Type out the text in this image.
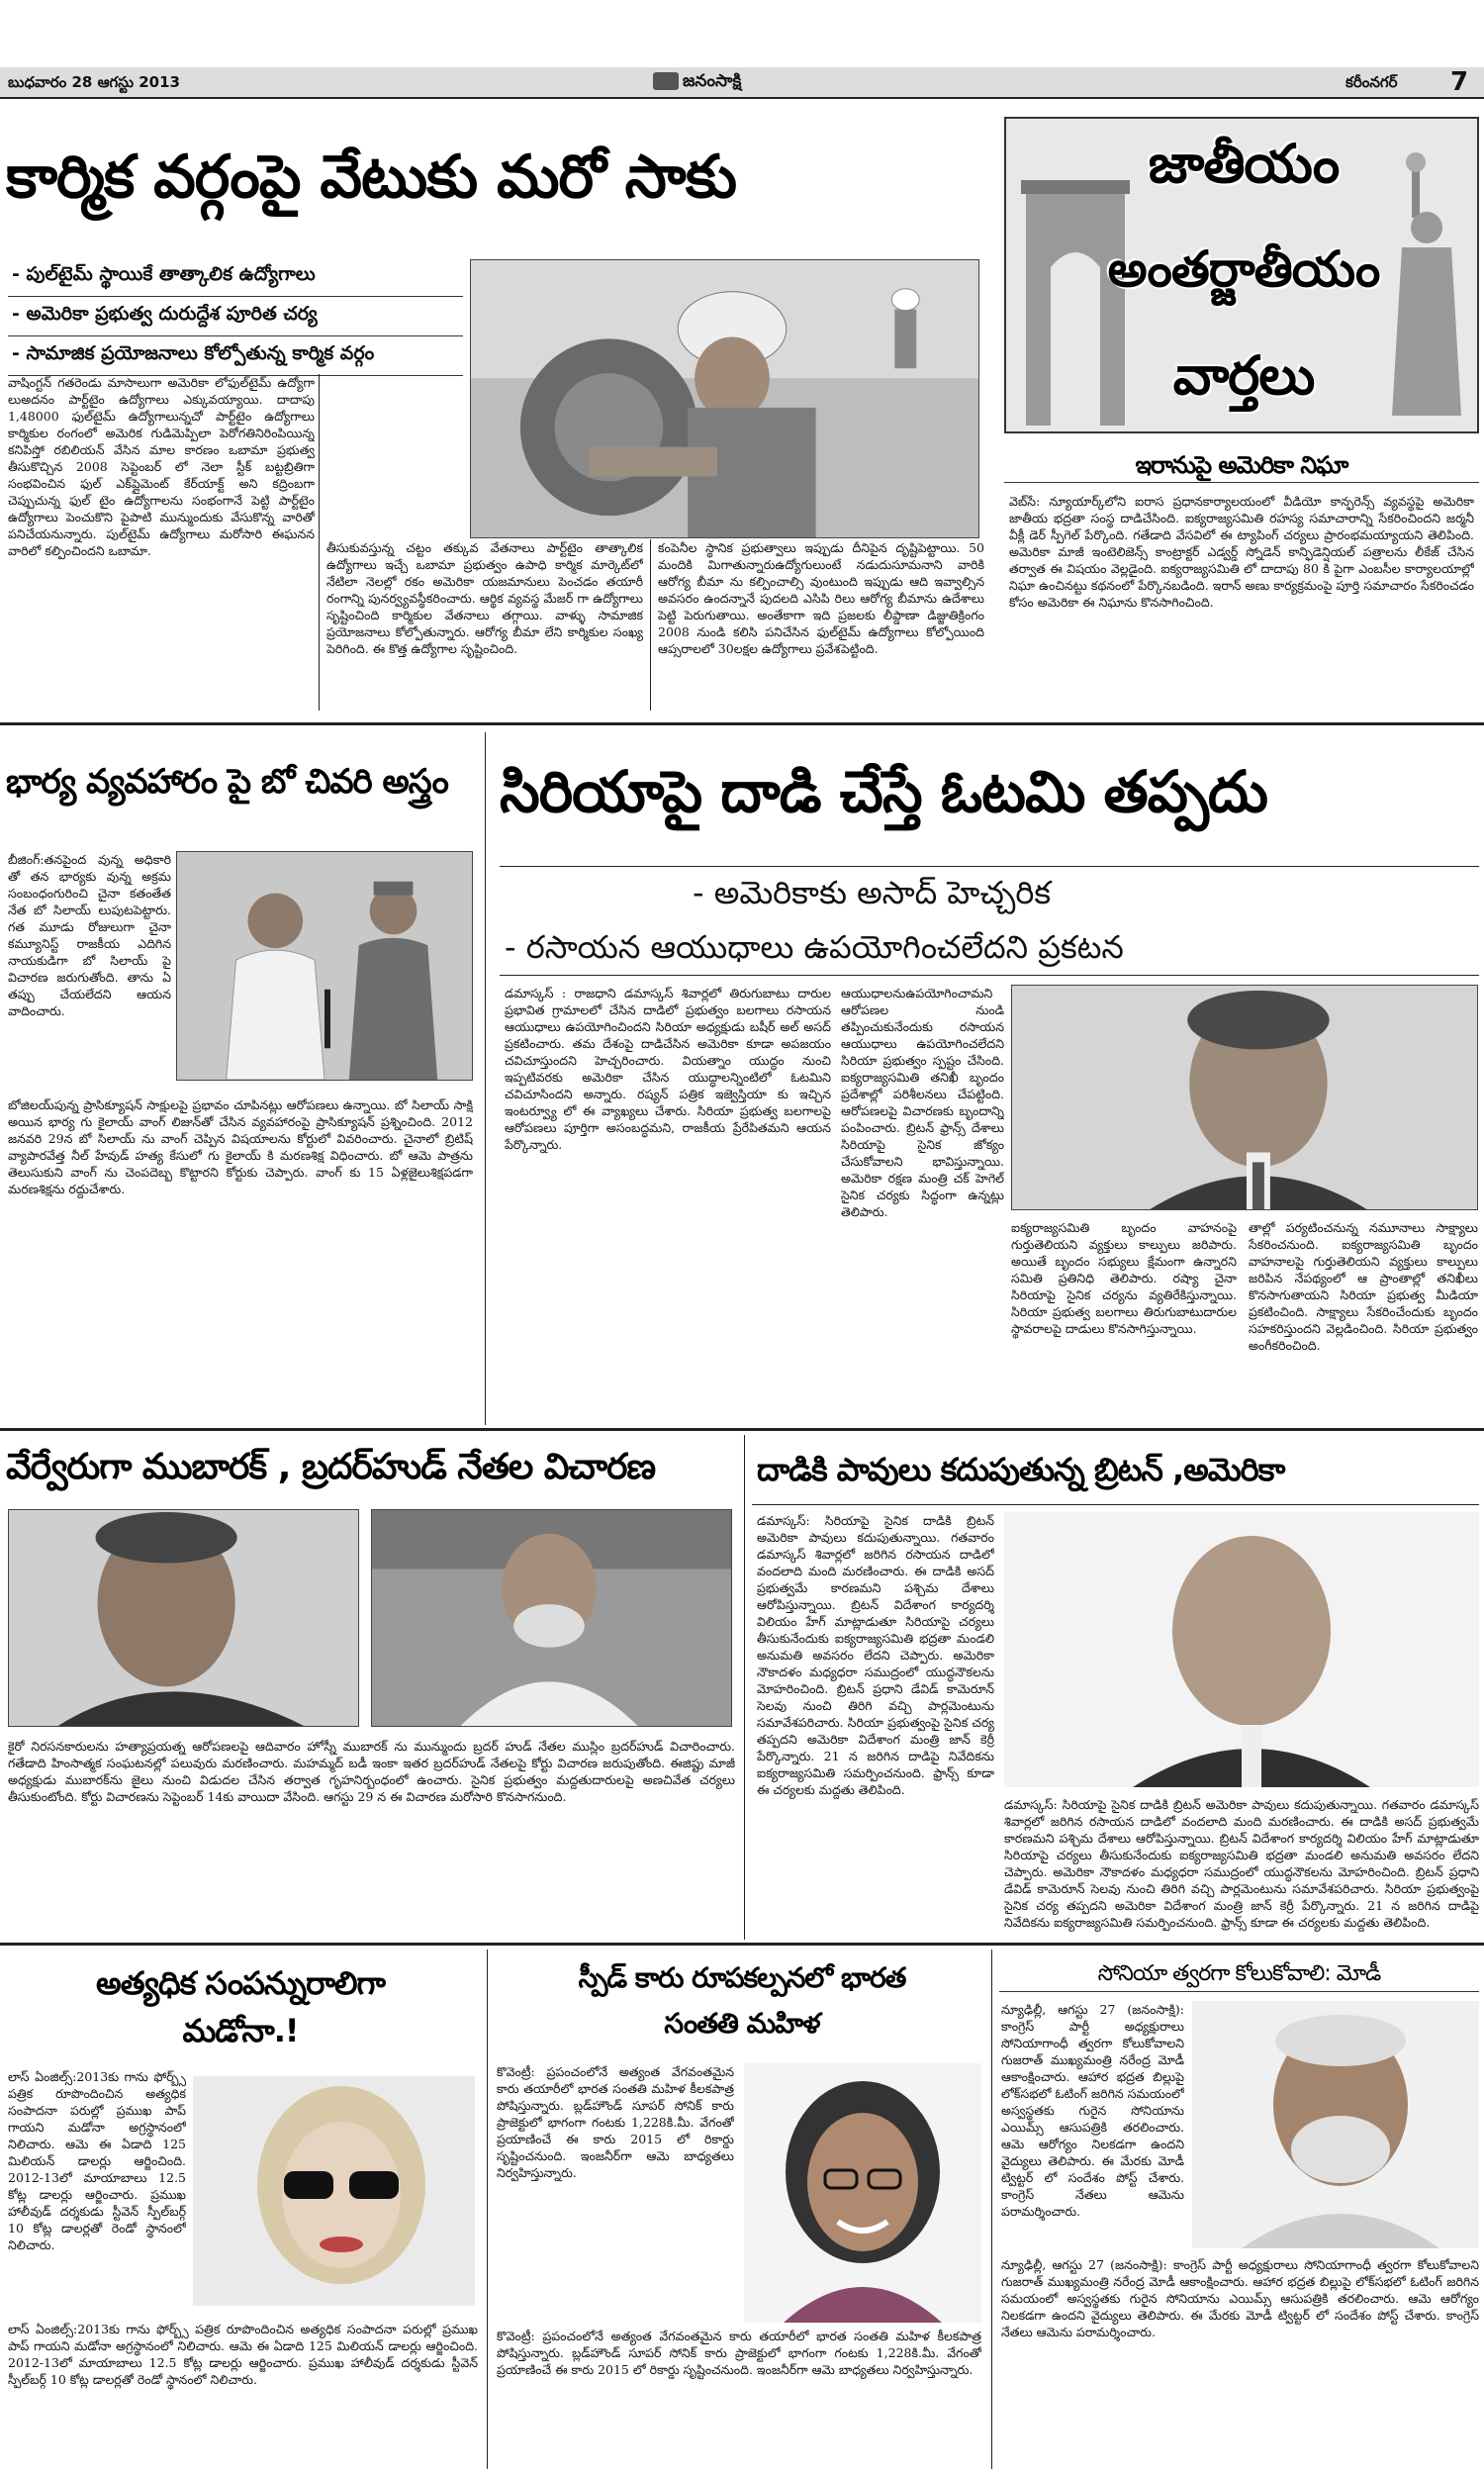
బుధవారం 28 ఆగస్టు 2013	జనంసాక్షి	కరీంనగర్ 7
కార్మిక వర్గంపై వేటుకు మరో సాకు
- పుల్‌టైమ్ స్థాయికే తాత్కాలిక ఉద్యోగాలు
- అమెరికా ప్రభుత్వ దురుద్దేశ పూరిత చర్య
- సామాజిక ప్రయోజనాలు కోల్పోతున్న కార్మిక వర్గం
వాషింగ్టన్ గతరెండు మాసాలుగా అమెరికా లోఫుల్‌టైమ్ ఉద్యోగా లుఅదనం పార్ట్‌టైం ఉద్యోగాలు ఎక్కువయ్యాయి. దాదాపు 1,48000 ఫుల్‌టైమ్ ఉద్యోగాలున్నచో పార్ట్‌టైం ఉద్యోగాలు కార్మికుల రంగంలో అమెరిక గుడిమెప్పిలా పెరోగతినిరింపియిన్న కనిపిస్తో రబిలియన్ వేసిన మాల కారణం ఒబామా ప్రభుత్వ తీసుకొచ్చిన 2008 సెప్టెంబర్ లో నెలా స్టీక్ బట్టబ్రితిగా సంభవించిన ఫుల్ ఎక్‌ప్లైమెంట్ కేర్‌యాక్ట్ అని కద్రింబగా చెప్పుచున్న ఫుల్ టైం ఉద్యోగాలను సంభంగానే పెట్టి పార్ట్‌టైం ఉద్యోగాలు పెంచుకొని పైపాటి మున్ముందుకు వేసుకొన్న వారితో పనిచేయనున్నారు. పుల్‌టైమ్ ఉద్యోగాలు మరోసారి ఈఘనన వారిలో కల్పించిందని ఒబామా.	తీసుకువస్తున్న చట్టం తక్కువ వేతనాలు పార్ట్‌టైం తాత్కాలిక ఉద్యోగాలు ఇచ్చే ఒబామా ప్రభుత్వం ఉపాధి కార్మిక మార్కెట్‌లో నేటిలా నెలల్లో రకం అమెరికా యజమానులు పెంచడం తయారీ రంగాన్ని పునర్వ్యవస్థీకరించారు. ఆర్థిక వ్యవస్థ మేజర్ గా ఉద్యోగాలు సృష్టించింది కార్మికుల వేతనాలు తగ్గాయి. వాళ్ళు సామాజిక ప్రయోజనాలు కోల్పోతున్నారు. ఆరోగ్య బీమా లేని కార్మికుల సంఖ్య పెరిగింది. ఈ కొత్త ఉద్యోగాల సృష్టించింది.
కంపెనీల స్థానిక ప్రభుత్వాలు ఇప్పుడు దీనిపైన దృష్టిపెట్టాయి. 50 మందికి మిగాతున్నారుఉద్యోగులుంటే నడుదుసూమనాని వారికి ఆరోగ్య బీమా ను కల్పించాల్సి వుంటుంది ఇప్పుడు ఆది ఇవ్వాల్సిన అవసరం ఉందన్నానే పుదలది ఎసిపి రిలు ఆరోగ్య బీమాను ఉదేశాలు పెట్టి పెరుగుతాయి. అంతేకాగా ఇది ప్రజలకు లీప్డాణా డిజ్జుతిక్రింగం 2008 నుండి కలిసి పనిచేసిన ఫుల్‌టైమ్ ఉద్యోగాలు కోల్పోయింది ఆప్సరాలలో 30లక్షల ఉద్యోగాలు ప్రవేశపెట్టింది.
జాతీయం
అంతర్జాతీయం
వార్తలు
ఇరానుపై అమెరికా నిఘా
వెబ్‌సే: న్యూయార్క్‌లోని ఐరాస ప్రధానకార్యాలయంలో వీడియో కాన్ఫరెన్స్ వ్యవస్థపై అమెరికా జాతీయ భద్రతా సంస్థ దాడిచేసింది. ఐక్యరాజ్యసమితి రహస్య సమాచారాన్ని సేకరించిందని జర్మనీ వీక్లీ డెర్ స్పీగెల్ పేర్కొంది. గతేడాది వేసవిలో ఈ ట్యాపింగ్ చర్యలు ప్రారంభమయ్యాయని తెలిపింది. అమెరికా మాజీ ఇంటెలిజెన్స్ కాంట్రాక్టర్ ఎడ్వర్డ్ స్నోడెన్ కాన్ఫిడెన్షియల్ పత్రాలను లీకేజ్ చేసిన తర్వాత ఈ విషయం వెల్లడైంది. ఐక్యరాజ్యసమితి లో దాదాపు 80 కి పైగా ఎంబసీల కార్యాలయాల్లో నిఘా ఉంచినట్టు కథనంలో పేర్కొనబడింది. ఇరాన్ అణు కార్యక్రమంపై పూర్తి సమాచారం సేకరించడం కోసం అమెరికా ఈ నిఘాను కొనసాగించింది.
భార్య వ్యవహారం పై బో చివరి అస్త్రం
బీజింగ్:తనపైంద వున్న అధికారి తో తన భార్యకు వున్న అక్రమ సంబంధంగురించి చైనా కతంతేత నేత బో సిలాయ్ లుపుటపెట్టారు. గత మూడు రోజులుగా చైనా కమ్యూనిస్ట్ రాజకీయ ఎదిగిన నాయకుడిగా బో సిలాయ్ పై విచారణ జరుగుతోంది. తాను ఏ తప్పు చేయలేదని ఆయన వాదించారు.
బోజిలయ్‌పున్న ప్రాసిక్యూషన్ సాక్షులపై ప్రభావం చూపినట్లు ఆరోపణలు ఉన్నాయి. బో సిలాయ్ సాక్షి అయిన భార్య గు కైలాయ్ వాంగ్ లిజున్‌తో చేసిన వ్యవహారంపై ప్రాసిక్యూషన్ ప్రశ్నించింది. 2012 జనవరి 29న బో సిలాయ్ ను వాంగ్ చెప్పిన విషయాలను కోర్టులో వివరించారు. చైనాలో బ్రిటిష్ వ్యాపారవేత్త నీల్ హేవుడ్ హత్య కేసులో గు కైలాయ్ కి మరణశిక్ష విధించారు. బో ఆమె పాత్రను తెలుసుకుని వాంగ్ ను చెంపదెబ్బ కొట్టారని కోర్టుకు చెప్పారు. వాంగ్ కు 15 ఏళ్లజైలుశిక్షపడగా మరణశిక్షను రద్దుచేశారు.
సిరియాపై దాడి చేస్తే ఓటమి తప్పదు
- అమెరికాకు అసాద్ హెచ్చరిక
- రసాయన ఆయుధాలు ఉపయోగించలేదని ప్రకటన
డమాస్కస్ : రాజధాని డమాస్కస్ శివార్లలో తిరుగుబాటు దారుల ప్రభావిత గ్రామాలలో చేసిన దాడిలో ప్రభుత్వం బలగాలు రసాయన ఆయుధాలు ఉపయోగించిందని సిరియా అధ్యక్షుడు బషీర్ అల్ అసద్ ప్రకటించారు. తమ దేశంపై దాడిచేసిన అమెరికా కూడా అపజయం చవిచూస్తుందని హెచ్చరించారు. వియత్నాం యుద్ధం నుంచి ఇప్పటివరకు అమెరికా చేసిన యుద్ధాలన్నింటిలో ఓటమిని చవిచూసిందని అన్నారు. రష్యన్ పత్రిక ఇజ్వెస్తియా కు ఇచ్చిన ఇంటర్వ్యూ లో ఈ వ్యాఖ్యలు చేశారు. సిరియా ప్రభుత్వ బలగాలపై ఆరోపణలు పూర్తిగా అసంబద్ధమని, రాజకీయ ప్రేరేపితమని ఆయన పేర్కొన్నారు.
ఆయుధాలనుఉపయోగించామని ఆరోపణల నుండి తప్పించుకునేందుకు రసాయన ఆయుధాలు ఉపయోగించలేదని సిరియా ప్రభుత్వం స్పష్టం చేసింది. ఐక్యరాజ్యసమితి తనిఖీ బృందం ప్రదేశాల్లో పరిశీలనలు చేపట్టింది. ఆరోపణలపై విచారణకు బృందాన్ని పంపించారు. బ్రిటన్ ఫ్రాన్స్ దేశాలు సిరియాపై సైనిక జోక్యం చేసుకోవాలని భావిస్తున్నాయి. అమెరికా రక్షణ మంత్రి చక్ హెగెల్ సైనిక చర్యకు సిద్ధంగా ఉన్నట్లు తెలిపారు.
ఐక్యరాజ్యసమితి బృందం వాహనంపై గుర్తుతెలియని వ్యక్తులు కాల్పులు జరిపారు. అయితే బృందం సభ్యులు క్షేమంగా ఉన్నారని సమితి ప్రతినిధి తెలిపారు. రష్యా చైనా సిరియాపై సైనిక చర్యను వ్యతిరేకిస్తున్నాయి. సిరియా ప్రభుత్వ బలగాలు తిరుగుబాటుదారుల స్థావరాలపై దాడులు కొనసాగిస్తున్నాయి.
తాల్లో పర్యటించనున్న నమూనాలు సాక్ష్యాలు సేకరించనుంది. ఐక్యరాజ్యసమితి బృందం వాహనాలపై గుర్తుతెలియని వ్యక్తులు కాల్పులు జరిపిన నేపథ్యంలో ఆ ప్రాంతాల్లో తనిఖీలు కొనసాగుతాయని సిరియా ప్రభుత్వ మీడియా ప్రకటించింది. సాక్ష్యాలు సేకరించేందుకు బృందం సహకరిస్తుందని వెల్లడించింది. సిరియా ప్రభుత్వం అంగీకరించింది.
వేర్వేరుగా ముబారక్ , బ్రదర్‌హుడ్ నేతల విచారణ
కైరో నిరసనకారులను హత్యాప్రయత్న ఆరోపణలపై ఆదివారం హోస్నీ ముబారక్ ను మున్ముందు బ్రదర్ హుడ్ నేతల ముస్లిం బ్రదర్‌హుడ్ విచారించారు. గతేడాది హింసాత్మక సంఘటనల్లో పలువురు మరణించారు. మహమ్మద్ బడీ ఇంకా ఇతర బ్రదర్‌హుడ్ నేతలపై కోర్టు విచారణ జరుపుతోంది. ఈజిప్టు మాజీ అధ్యక్షుడు ముబారక్‌ను జైలు నుంచి విడుదల చేసిన తర్వాత గృహనిర్బంధంలో ఉంచారు. సైనిక ప్రభుత్వం మద్దతుదారులపై అణచివేత చర్యలు తీసుకుంటోంది. కోర్టు విచారణను సెప్టెంబర్ 14కు వాయిదా వేసింది. ఆగస్టు 29 న ఈ విచారణ మరోసారి కొనసాగనుంది.
దాడికి పావులు కదుపుతున్న బ్రిటన్ ,అమెరికా
డమాస్కస్: సిరియాపై సైనిక దాడికి బ్రిటన్ అమెరికా పావులు కదుపుతున్నాయి. గతవారం డమాస్కస్ శివార్లలో జరిగిన రసాయన దాడిలో వందలాది మంది మరణించారు. ఈ దాడికి అసద్ ప్రభుత్వమే కారణమని పశ్చిమ దేశాలు ఆరోపిస్తున్నాయి. బ్రిటన్ విదేశాంగ కార్యదర్శి విలియం హేగ్ మాట్లాడుతూ సిరియాపై చర్యలు తీసుకునేందుకు ఐక్యరాజ్యసమితి భద్రతా మండలి అనుమతి అవసరం లేదని చెప్పారు. అమెరికా నౌకాదళం మధ్యధరా సముద్రంలో యుద్ధనౌకలను మోహరించింది. బ్రిటన్ ప్రధాని డేవిడ్ కామెరూన్ సెలవు నుంచి తిరిగి వచ్చి పార్లమెంటును సమావేశపరిచారు. సిరియా ప్రభుత్వంపై సైనిక చర్య తప్పదని అమెరికా విదేశాంగ మంత్రి జాన్ కెర్రీ పేర్కొన్నారు. 21 న జరిగిన దాడిపై నివేదికను ఐక్యరాజ్యసమితి సమర్పించనుంది. ఫ్రాన్స్ కూడా ఈ చర్యలకు మద్దతు తెలిపింది.
డమాస్కస్: సిరియాపై సైనిక దాడికి బ్రిటన్ అమెరికా పావులు కదుపుతున్నాయి. గతవారం డమాస్కస్ శివార్లలో జరిగిన రసాయన దాడిలో వందలాది మంది మరణించారు. ఈ దాడికి అసద్ ప్రభుత్వమే కారణమని పశ్చిమ దేశాలు ఆరోపిస్తున్నాయి. బ్రిటన్ విదేశాంగ కార్యదర్శి విలియం హేగ్ మాట్లాడుతూ సిరియాపై చర్యలు తీసుకునేందుకు ఐక్యరాజ్యసమితి భద్రతా మండలి అనుమతి అవసరం లేదని చెప్పారు. అమెరికా నౌకాదళం మధ్యధరా సముద్రంలో యుద్ధనౌకలను మోహరించింది. బ్రిటన్ ప్రధాని డేవిడ్ కామెరూన్ సెలవు నుంచి తిరిగి వచ్చి పార్లమెంటును సమావేశపరిచారు. సిరియా ప్రభుత్వంపై సైనిక చర్య తప్పదని అమెరికా విదేశాంగ మంత్రి జాన్ కెర్రీ పేర్కొన్నారు. 21 న జరిగిన దాడిపై నివేదికను ఐక్యరాజ్యసమితి సమర్పించనుంది. ఫ్రాన్స్ కూడా ఈ చర్యలకు మద్దతు తెలిపింది.
అత్యధిక సంపన్నురాలిగా
మడోనా.!
లాస్ ఏంజిల్స్:2013కు గాను ఫోర్బ్స్ పత్రిక రూపొందించిన అత్యధిక సంపాదనా పరుల్లో ప్రముఖ పాప్ గాయని మడోనా అగ్రస్థానంలో నిలిచారు. ఆమె ఈ ఏడాది 125 మిలియన్ డాలర్లు ఆర్జించింది. 2012-13లో మాయాబాలు 12.5 కోట్ల డాలర్లు ఆర్జించారు. ప్రముఖ హాలీవుడ్ దర్శకుడు స్టీవెన్ స్పీల్‌బర్గ్ 10 కోట్ల డాలర్లతో రెండో స్థానంలో నిలిచారు.
లాస్ ఏంజిల్స్:2013కు గాను ఫోర్బ్స్ పత్రిక రూపొందించిన అత్యధిక సంపాదనా పరుల్లో ప్రముఖ పాప్ గాయని మడోనా అగ్రస్థానంలో నిలిచారు. ఆమె ఈ ఏడాది 125 మిలియన్ డాలర్లు ఆర్జించింది. 2012-13లో మాయాబాలు 12.5 కోట్ల డాలర్లు ఆర్జించారు. ప్రముఖ హాలీవుడ్ దర్శకుడు స్టీవెన్ స్పీల్‌బర్గ్ 10 కోట్ల డాలర్లతో రెండో స్థానంలో నిలిచారు.
స్పీడ్ కారు రూపకల్పనలో భారత
సంతతి మహిళ
కొవెంట్రీ: ప్రపంచంలోనే అత్యంత వేగవంతమైన కారు తయారీలో భారత సంతతి మహిళ కీలకపాత్ర పోషిస్తున్నారు. బ్లడ్‌హౌండ్ సూపర్ సోనిక్ కారు ప్రాజెక్టులో భాగంగా గంటకు 1,228కి.మీ. వేగంతో ప్రయాణించే ఈ కారు 2015 లో రికార్డు సృష్టించనుంది. ఇంజనీర్‌గా ఆమె బాధ్యతలు నిర్వహిస్తున్నారు.
కొవెంట్రీ: ప్రపంచంలోనే అత్యంత వేగవంతమైన కారు తయారీలో భారత సంతతి మహిళ కీలకపాత్ర పోషిస్తున్నారు. బ్లడ్‌హౌండ్ సూపర్ సోనిక్ కారు ప్రాజెక్టులో భాగంగా గంటకు 1,228కి.మీ. వేగంతో ప్రయాణించే ఈ కారు 2015 లో రికార్డు సృష్టించనుంది. ఇంజనీర్‌గా ఆమె బాధ్యతలు నిర్వహిస్తున్నారు.
సోనియా త్వరగా కోలుకోవాలి: మోడీ
న్యూఢిల్లీ, ఆగస్టు 27 (జనంసాక్షి): కాంగ్రెస్ పార్టీ అధ్యక్షురాలు సోనియాగాంధీ త్వరగా కోలుకోవాలని గుజరాత్ ముఖ్యమంత్రి నరేంద్ర మోడీ ఆకాంక్షించారు. ఆహార భద్రత బిల్లుపై లోక్‌సభలో ఓటింగ్ జరిగిన సమయంలో అస్వస్థతకు గురైన సోనియాను ఎయిమ్స్ ఆసుపత్రికి తరలించారు. ఆమె ఆరోగ్యం నిలకడగా ఉందని వైద్యులు తెలిపారు. ఈ మేరకు మోడీ ట్విట్టర్ లో సందేశం పోస్ట్ చేశారు. కాంగ్రెస్ నేతలు ఆమెను పరామర్శించారు.
న్యూఢిల్లీ, ఆగస్టు 27 (జనంసాక్షి): కాంగ్రెస్ పార్టీ అధ్యక్షురాలు సోనియాగాంధీ త్వరగా కోలుకోవాలని గుజరాత్ ముఖ్యమంత్రి నరేంద్ర మోడీ ఆకాంక్షించారు. ఆహార భద్రత బిల్లుపై లోక్‌సభలో ఓటింగ్ జరిగిన సమయంలో అస్వస్థతకు గురైన సోనియాను ఎయిమ్స్ ఆసుపత్రికి తరలించారు. ఆమె ఆరోగ్యం నిలకడగా ఉందని వైద్యులు తెలిపారు. ఈ మేరకు మోడీ ట్విట్టర్ లో సందేశం పోస్ట్ చేశారు. కాంగ్రెస్ నేతలు ఆమెను పరామర్శించారు.
